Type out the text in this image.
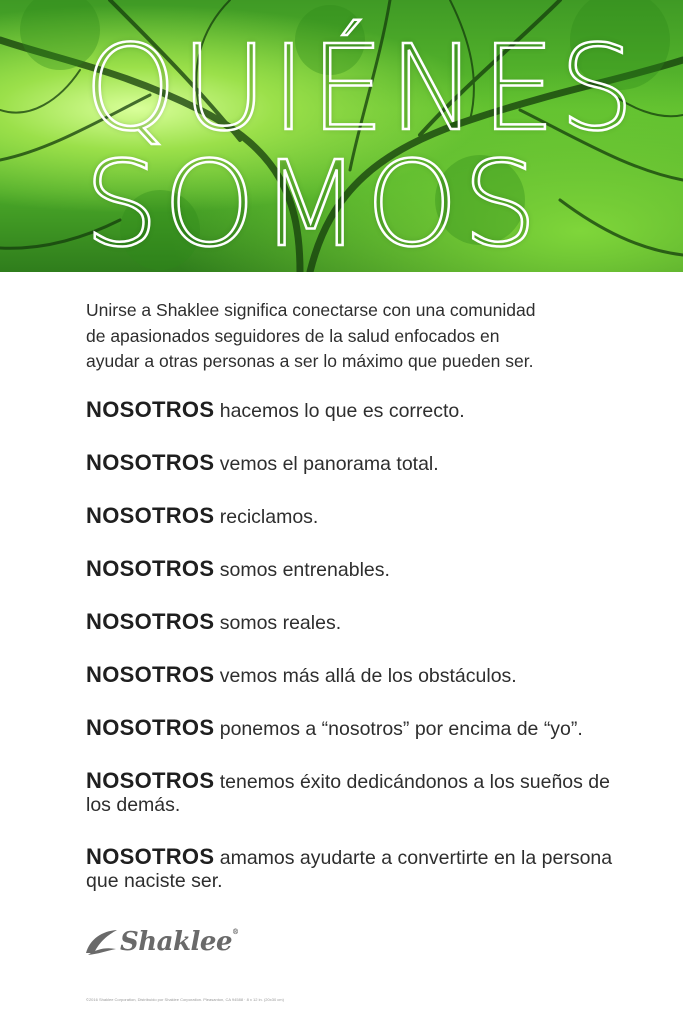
QUIÉNES
SOMOS
Unirse a Shaklee significa conectarse con una comunidad de apasionados seguidores de la salud enfocados en ayudar a otras personas a ser lo máximo que pueden ser.

NOSOTROS hacemos lo que es correcto.

NOSOTROS vemos el panorama total.

NOSOTROS reciclamos.

NOSOTROS somos entrenables.

NOSOTROS somos reales.

NOSOTROS vemos más allá de los obstáculos.

NOSOTROS ponemos a “nosotros” por encima de “yo”.

NOSOTROS tenemos éxito dedicándonos a los sueños de los demás.

NOSOTROS amamos ayudarte a convertirte en la persona que naciste ser.

Shaklee®
©2016 Shaklee Corporation, Distribuido por Shaklee Corporation. Pleasanton, CA 94588 · 8 x 12 in. (20x30 cm)
